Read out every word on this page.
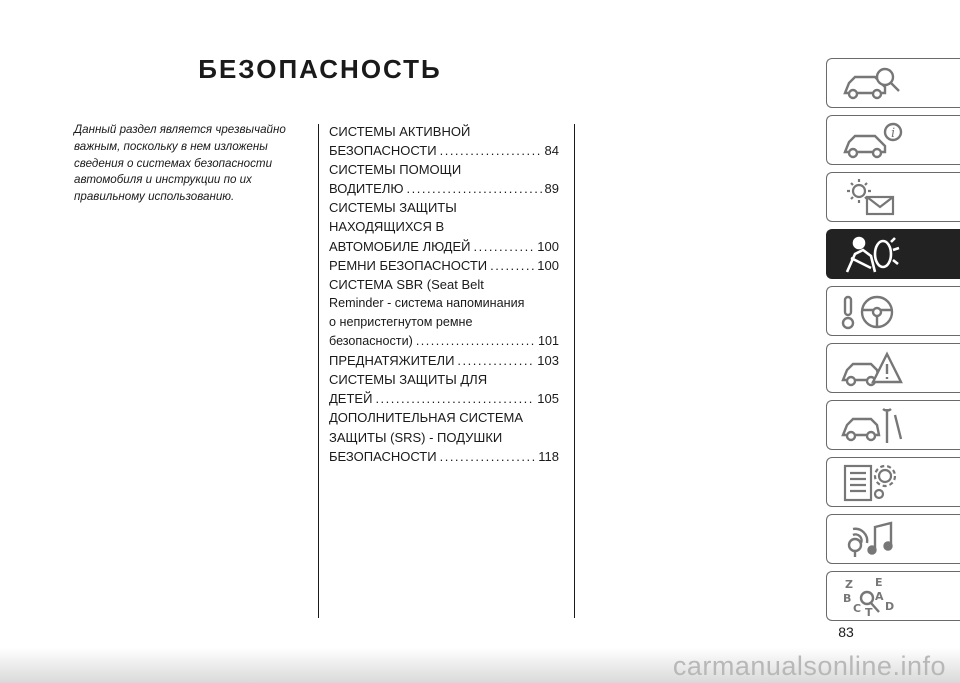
БЕЗОПАСНОСТЬ
Данный раздел является чрезвычайно важным, поскольку в нем изложены сведения о системах безопасности автомобиля и инструкции по их правильному использованию.
СИСТЕМЫ АКТИВНОЙ
БЕЗОПАСНОСТИ .....	84
СИСТЕМЫ ПОМОЩИ
ВОДИТЕЛЮ .....	89
СИСТЕМЫ ЗАЩИТЫ
НАХОДЯЩИХСЯ В
АВТОМОБИЛЕ ЛЮДЕЙ .....	100
РЕМНИ БЕЗОПАСНОСТИ .....	100
СИСТЕМА SBR (Seat Belt
Reminder - система напоминания
о непристегнутом ремне
безопасности) .....	101
ПРЕДНАТЯЖИТЕЛИ .....	103
СИСТЕМЫ ЗАЩИТЫ ДЛЯ
ДЕТЕЙ .....	105
ДОПОЛНИТЕЛЬНАЯ СИСТЕМА
ЗАЩИТЫ (SRS) - ПОДУШКИ
БЕЗОПАСНОСТИ .....	118
i
Z E
B A
C D
T
83
carmanualsonline.info
